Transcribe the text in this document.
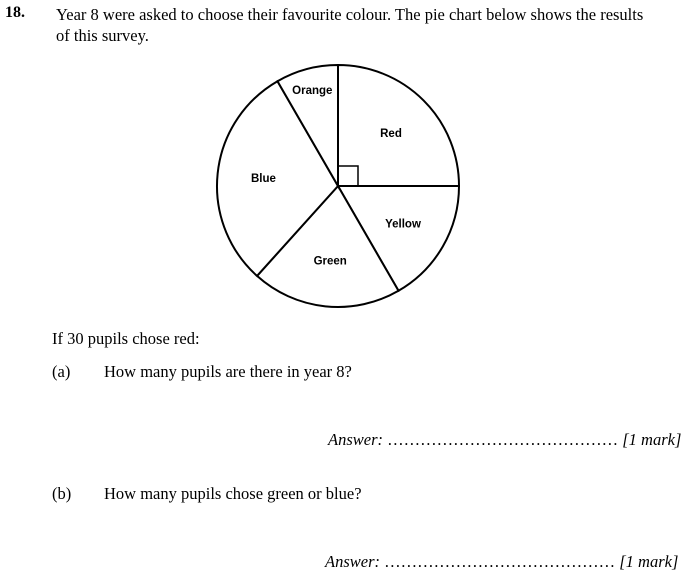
18. Year 8 were asked to choose their favourite colour. The pie chart below shows the results of this survey.
Red
Yellow
Green
Blue
Orange
If 30 pupils chose red:
(a) How many pupils are there in year 8?
Answer: …………………………………… [1 mark]
(b) How many pupils chose green or blue?
Answer: …………………………………… [1 mark]
